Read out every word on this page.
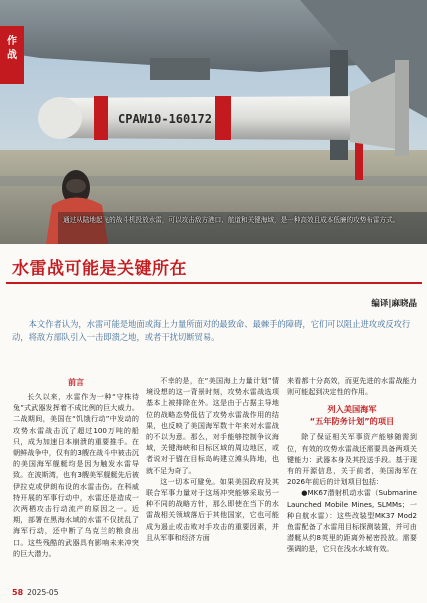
CPAW10-160172
作
战
通过从陆地起飞的战斗机投放水雷，可以攻击敌方港口、航道和关键海域，是一种高效且成本低廉的攻势布雷方式。
水雷战可能是关键所在
编译|麻晓晶
本文作者认为，水雷可能是地面或海上力量所面对的最致命、最棘手的障碍，它们可以阻止进攻或反攻行动，将敌方部队引入一击即溃之地，或者干扰切断贸易。

前言

长久以来，水雷作为一种“守株待兔”式武器发挥着不成比例的巨大威力。二战期间，美国在“饥饿行动”中发动的攻势水雷战击沉了超过100万吨的船只，成为加速日本崩溃的重要推手。在朝鲜战争中，仅有的3艘在战斗中被击沉的美国海军舰艇均是因为触发水雷导致。在波斯湾，也有3艘美军舰艇先后被伊拉克或伊朗布设的水雷击伤。在科威特开展的军事行动中，水雷还是造成一次两栖攻击行动流产的原因之一。近期，部署在黑海水域的水雷不仅扰乱了海军行动，还中断了乌克兰的粮食出口。这些残酷的武器具有影响未来冲突的巨大潜力。

不幸的是，在“美国海上力量计划”情境设想的这一背景时刻，攻势水雷战选项基本上被排除在外。这是由于占据主导地位的战略态势低估了攻势水雷战作用的结果，也反映了美国海军数十年来对水雷战的不以为意。那么，对手能够控制争议海域，关键海峡和目标区域的周边地区，或者说对于锚在目标岛屿建立滩头阵地，也就不足为奇了。

这一切本可避免。如果美国政府及其联合军事力量对于这场冲突能够采取另一种不同的战略方针，那么即使在当下的水雷战相关领域落后于其他国家，它也可能成为遏止或击败对手攻击的重要因素，并且从军事和经济方面

来看都十分高效，而更先进的水雷战能力则可能起到决定性的作用。

列入美国海军
“五年防务计划”的项目

除了保证相关军事资产能够随需到位，有效的攻势水雷战还需要具备两项关键能力：武器本身及其投送手段。基于现有的开源信息，关于前者，美国海军在2026年前后的计划项目包括：

●MK67潜射机动水雷（Submarine Launched Mobile Mines, SLMMs；一种自航水雷）：这些改装型MK37 Mod2鱼雷配备了水雷用目标探测装置，并可由潜艇从约8英里的距离外秘密投放。需要强调的是，它只在浅水水域有效。

58 2025-05
